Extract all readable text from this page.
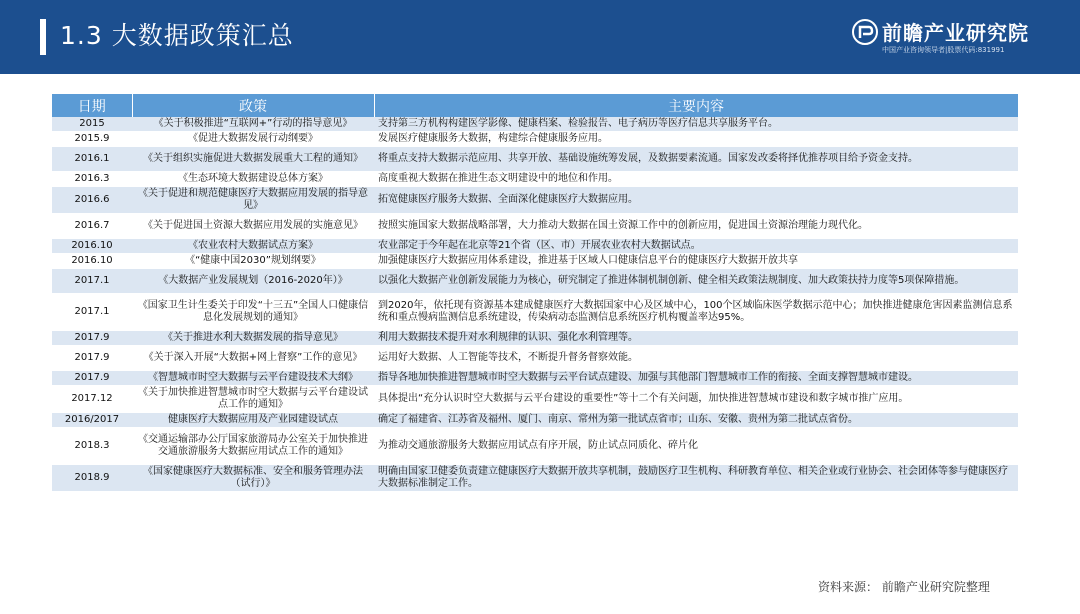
1.3 大数据政策汇总	前瞻产业研究院
中国产业咨询领导者|股票代码:831991
日期	政策	主要内容
2015	《关于积极推进“互联网+”行动的指导意见》	支持第三方机构构建医学影像、健康档案、检验报告、电子病历等医疗信息共享服务平台。
2015.9	《促进大数据发展行动纲要》	发展医疗健康服务大数据，构建综合健康服务应用。
2016.1	《关于组织实施促进大数据发展重大工程的通知》	将重点支持大数据示范应用、共享开放、基础设施统筹发展，及数据要素流通。国家发改委将择优推荐项目给予资金支持。
2016.3	《生态环境大数据建设总体方案》	高度重视大数据在推进生态文明建设中的地位和作用。
2016.6	《关于促进和规范健康医疗大数据应用发展的指导意见》	拓宽健康医疗服务大数据、全面深化健康医疗大数据应用。
2016.7	《关于促进国土资源大数据应用发展的实施意见》	按照实施国家大数据战略部署，大力推动大数据在国土资源工作中的创新应用，促进国土资源治理能力现代化。
2016.10	《农业农村大数据试点方案》	农业部定于今年起在北京等21个省（区、市）开展农业农村大数据试点。
2016.10	《“健康中国2030”规划纲要》	加强健康医疗大数据应用体系建设，推进基于区域人口健康信息平台的健康医疗大数据开放共享
2017.1	《大数据产业发展规划（2016-2020年）》	以强化大数据产业创新发展能力为核心，研究制定了推进体制机制创新、健全相关政策法规制度、加大政策扶持力度等5项保障措施。
2017.1	《国家卫生计生委关于印发“十三五”全国人口健康信息化发展规划的通知》	到2020年，依托现有资源基本建成健康医疗大数据国家中心及区域中心，100个区域临床医学数据示范中心；加快推进健康危害因素监测信息系统和重点慢病监测信息系统建设，传染病动态监测信息系统医疗机构覆盖率达95%。
2017.9	《关于推进水利大数据发展的指导意见》	利用大数据技术提升对水利规律的认识、强化水利管理等。
2017.9	《关于深入开展“大数据+网上督察”工作的意见》	运用好大数据、人工智能等技术，不断提升督务督察效能。
2017.9	《智慧城市时空大数据与云平台建设技术大纲》	指导各地加快推进智慧城市时空大数据与云平台试点建设、加强与其他部门智慧城市工作的衔接、全面支撑智慧城市建设。
2017.12	《关于加快推进智慧城市时空大数据与云平台建设试点工作的通知》	具体提出“充分认识时空大数据与云平台建设的重要性”等十二个有关问题，加快推进智慧城市建设和数字城市推广应用。
2016/2017	健康医疗大数据应用及产业园建设试点	确定了福建省、江苏省及福州、厦门、南京、常州为第一批试点省市；山东、安徽、贵州为第二批试点省份。
2018.3	《交通运输部办公厅国家旅游局办公室关于加快推进交通旅游服务大数据应用试点工作的通知》	为推动交通旅游服务大数据应用试点有序开展，防止试点同质化、碎片化
2018.9	《国家健康医疗大数据标准、安全和服务管理办法（试行）》	明确由国家卫健委负责建立健康医疗大数据开放共享机制，鼓励医疗卫生机构、科研教育单位、相关企业或行业协会、社会团体等参与健康医疗大数据标准制定工作。
资料来源： 前瞻产业研究院整理
